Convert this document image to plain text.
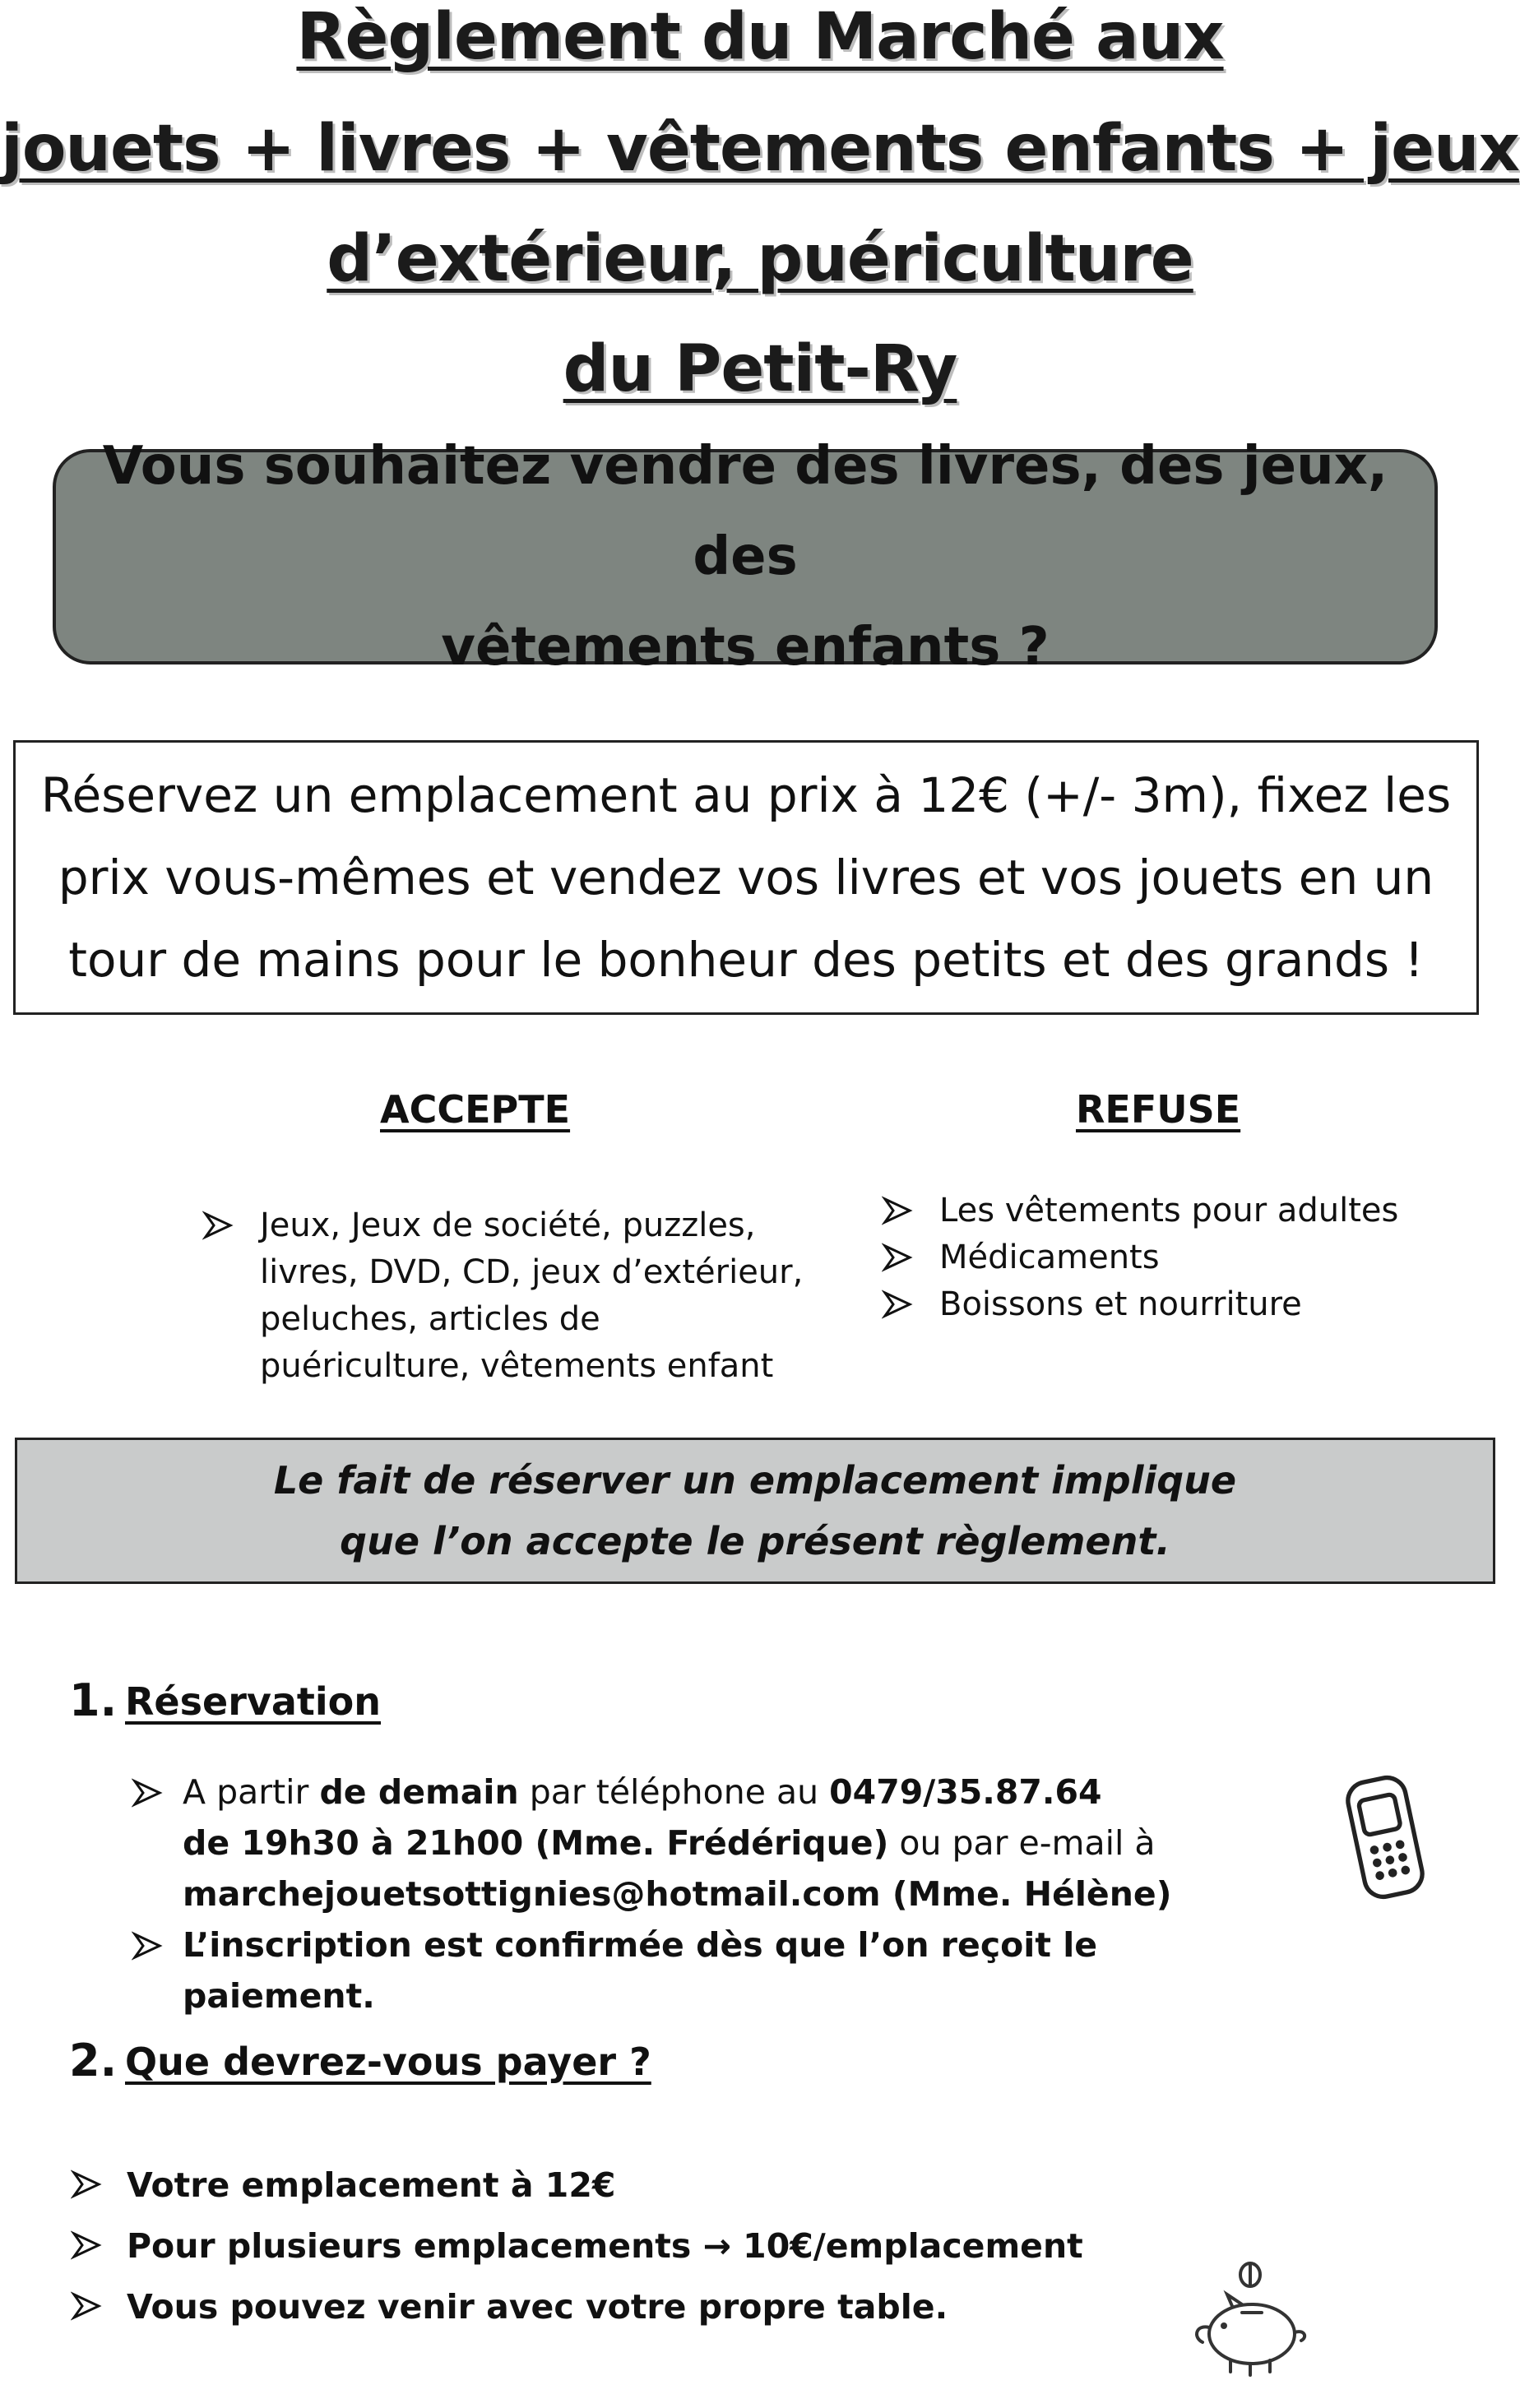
Règlement du Marché aux
jouets + livres + vêtements enfants + jeux
d’extérieur, puériculture
du Petit-Ry
Vous souhaitez vendre des livres, des jeux, des
vêtements enfants ?
Réservez un emplacement au prix à 12€ (+/- 3m), fixez les
prix vous-mêmes et vendez vos livres et vos jouets en un
tour de mains pour le bonheur des petits et des grands !
ACCEPTE	REFUSE
Jeux, Jeux de société, puzzles, livres, DVD, CD, jeux d’extérieur, peluches, articles de puériculture, vêtements enfant
Les vêtements pour adultes
Médicaments
Boissons et nourriture
Le fait de réserver un emplacement implique
que l’on accepte le présent règlement.
1. Réservation
A partir de demain par téléphone au 0479/35.87.64
de 19h30 à 21h00 (Mme. Frédérique) ou par e-mail à
marchejouetsottignies@hotmail.com (Mme. Hélène)
L’inscription est confirmée dès que l’on reçoit le paiement.
2. Que devrez-vous payer ?
Votre emplacement à 12€
Pour plusieurs emplacements → 10€/emplacement
Vous pouvez venir avec votre propre table.
